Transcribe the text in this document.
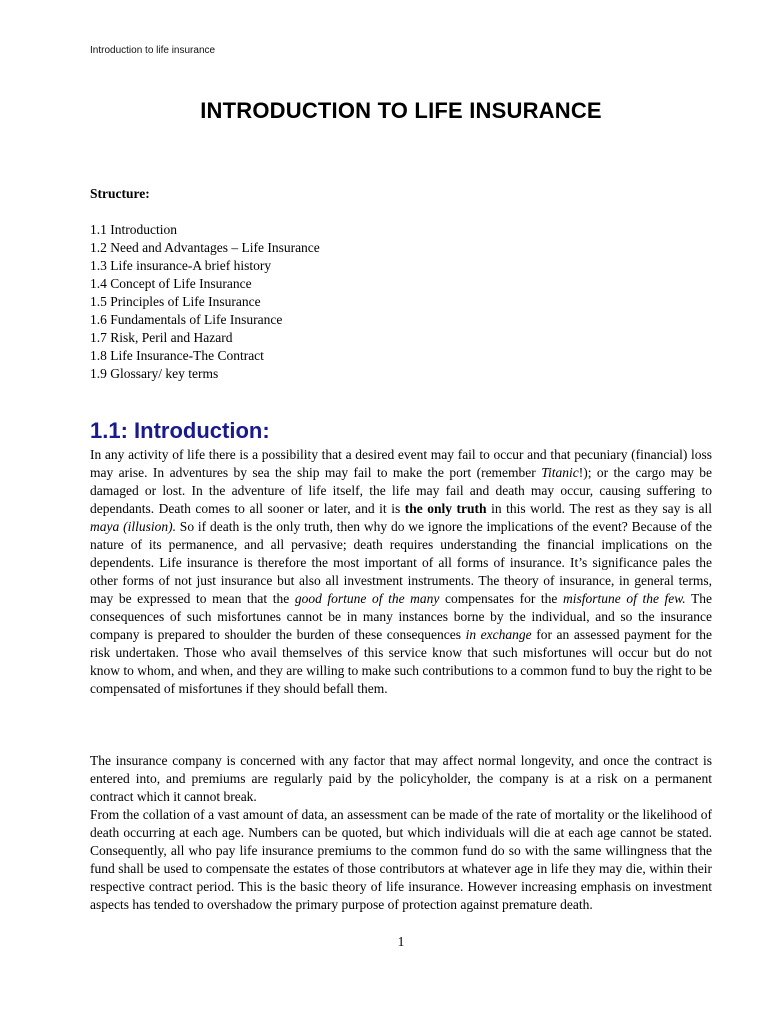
Introduction to life insurance
INTRODUCTION TO LIFE INSURANCE
Structure:
1.1 Introduction
1.2 Need and Advantages – Life Insurance
1.3 Life insurance-A brief history
1.4 Concept of Life Insurance
1.5 Principles of Life Insurance
1.6 Fundamentals of Life Insurance
1.7 Risk, Peril and Hazard
1.8 Life Insurance-The Contract
1.9 Glossary/ key terms
1.1: Introduction:

In any activity of life there is a possibility that a desired event may fail to occur and that pecuniary (financial) loss may arise. In adventures by sea the ship may fail to make the port (remember Titanic!); or the cargo may be damaged or lost. In the adventure of life itself, the life may fail and death may occur, causing suffering to dependants. Death comes to all sooner or later, and it is the only truth in this world. The rest as they say is all maya (illusion). So if death is the only truth, then why do we ignore the implications of the event? Because of the nature of its permanence, and all pervasive; death requires understanding the financial implications on the dependents. Life insurance is therefore the most important of all forms of insurance. It’s significance pales the other forms of not just insurance but also all investment instruments. The theory of insurance, in general terms, may be expressed to mean that the good fortune of the many compensates for the misfortune of the few. The consequences of such misfortunes cannot be in many instances borne by the individual, and so the insurance company is prepared to shoulder the burden of these consequences in exchange for an assessed payment for the risk undertaken. Those who avail themselves of this service know that such misfortunes will occur but do not know to whom, and when, and they are willing to make such contributions to a common fund to buy the right to be compensated of misfortunes if they should befall them.

The insurance company is concerned with any factor that may affect normal longevity, and once the contract is entered into, and premiums are regularly paid by the policyholder, the company is at a risk on a permanent contract which it cannot break.

From the collation of a vast amount of data, an assessment can be made of the rate of mortality or the likelihood of death occurring at each age. Numbers can be quoted, but which individuals will die at each age cannot be stated. Consequently, all who pay life insurance premiums to the common fund do so with the same willingness that the fund shall be used to compensate the estates of those contributors at whatever age in life they may die, within their respective contract period. This is the basic theory of life insurance. However increasing emphasis on investment aspects has tended to overshadow the primary purpose of protection against premature death.

1
